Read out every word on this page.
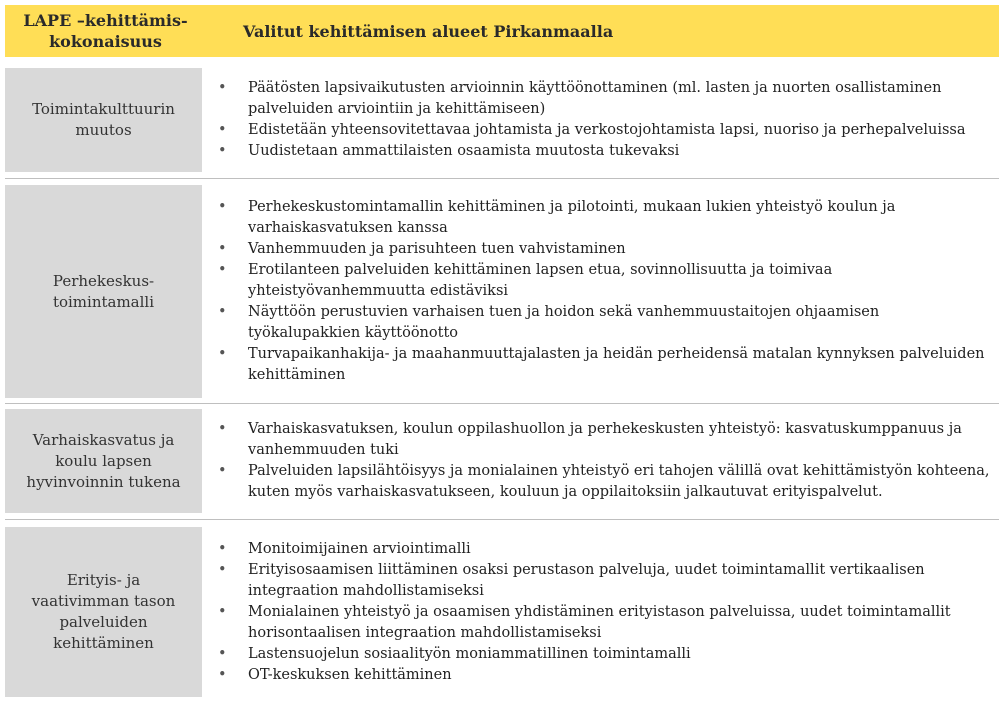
LAPE –kehittämis-kokonaisuus
Valitut kehittämisen alueet Pirkanmaalla
Toimintakulttuurin muutos
• Päätösten lapsivaikutusten arvioinnin käyttöönottaminen (ml. lasten ja nuorten osallistaminen palveluiden arviointiin ja kehittämiseen)
• Edistetään yhteensovitettavaa johtamista ja verkostojohtamista lapsi, nuoriso ja perhepalveluissa
• Uudistetaan ammattilaisten osaamista muutosta tukevaksi
Perhekeskus-toimintamalli
• Perhekeskustomintamallin kehittäminen ja pilotointi, mukaan lukien yhteistyö koulun ja varhaiskasvatuksen kanssa
• Vanhemmuuden ja parisuhteen tuen vahvistaminen
• Erotilanteen palveluiden kehittäminen lapsen etua, sovinnollisuutta ja toimivaa yhteistyövanhemmuutta edistäviksi
• Näyttöön perustuvien varhaisen tuen ja hoidon sekä vanhemmuustaitojen ohjaamisen työkalupakkien käyttöönotto
• Turvapaikanhakija- ja maahanmuuttajalasten ja heidän perheidensä matalan kynnyksen palveluiden kehittäminen
Varhaiskasvatus ja koulu lapsen hyvinvoinnin tukena
• Varhaiskasvatuksen, koulun oppilashuollon ja perhekeskusten yhteistyö: kasvatuskumppanuus ja vanhemmuuden tuki
• Palveluiden lapsilähtöisyys ja monialainen yhteistyö eri tahojen välillä ovat kehittämistyön kohteena, kuten myös varhaiskasvatukseen, kouluun ja oppilaitoksiin jalkautuvat erityispalvelut.
Erityis- ja vaativimman tason palveluiden kehittäminen
• Monitoimijainen arviointimalli
• Erityisosaamisen liittäminen osaksi perustason palveluja, uudet toimintamallit vertikaalisen integraation mahdollistamiseksi
• Monialainen yhteistyö ja osaamisen yhdistäminen erityistason palveluissa, uudet toimintamallit horisontaalisen integraation mahdollistamiseksi
• Lastensuojelun sosiaalityön moniammatillinen toimintamalli
• OT-keskuksen kehittäminen
